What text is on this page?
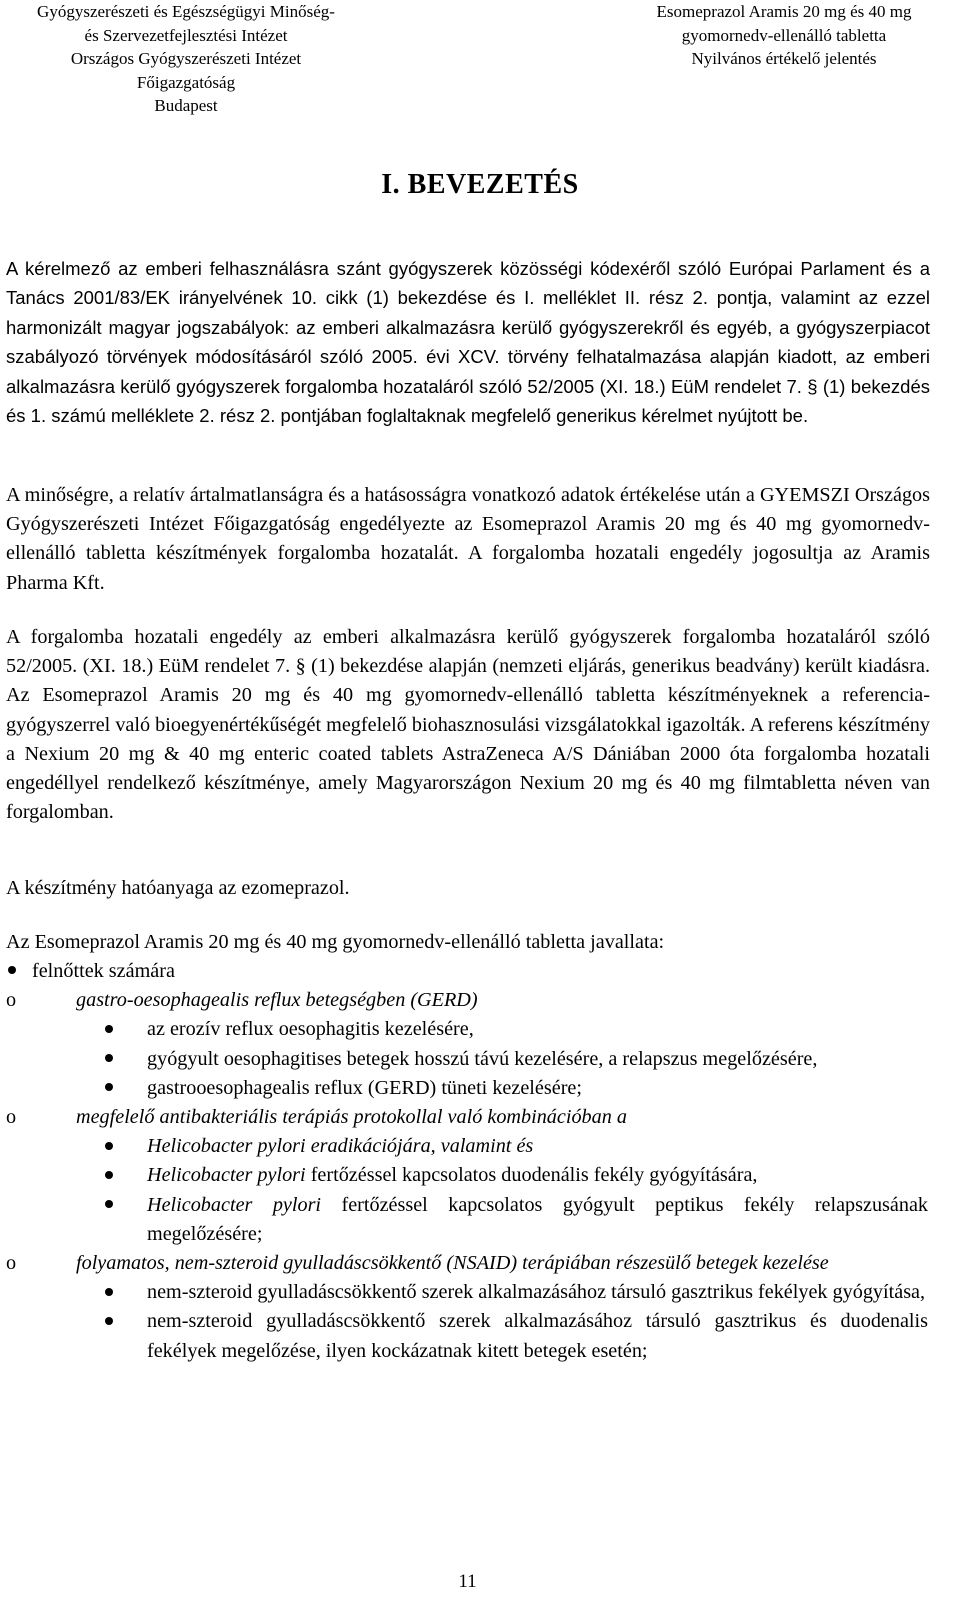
Gyógyszerészeti és Egészségügyi Minőség-
és Szervezetfejlesztési Intézet
Országos Gyógyszerészeti Intézet
Főigazgatóság
Budapest
Esomeprazol Aramis 20 mg és 40 mg
gyomornedv-ellenálló tabletta
Nyilvános értékelő jelentés
I. BEVEZETÉS
A kérelmező az emberi felhasználásra szánt gyógyszerek közösségi kódexéről szóló Európai Parlament és a Tanács 2001/83/EK irányelvének 10. cikk (1) bekezdése és I. melléklet II. rész 2. pontja, valamint az ezzel harmonizált magyar jogszabályok: az emberi alkalmazásra kerülő gyógyszerekről és egyéb, a gyógyszerpiacot szabályozó törvények módosításáról szóló 2005. évi XCV. törvény felhatalmazása alapján kiadott, az emberi alkalmazásra kerülő gyógyszerek forgalomba hozataláról szóló 52/2005 (XI. 18.) EüM rendelet 7. § (1) bekezdés és 1. számú melléklete 2. rész 2. pontjában foglaltaknak megfelelő generikus kérelmet nyújtott be.
A minőségre, a relatív ártalmatlanságra és a hatásosságra vonatkozó adatok értékelése után a GYEMSZI Országos Gyógyszerészeti Intézet Főigazgatóság engedélyezte az Esomeprazol Aramis 20 mg és 40 mg gyomornedv-ellenálló tabletta készítmények forgalomba hozatalát. A forgalomba hozatali engedély jogosultja az Aramis Pharma Kft.
A forgalomba hozatali engedély az emberi alkalmazásra kerülő gyógyszerek forgalomba hozataláról szóló 52/2005. (XI. 18.) EüM rendelet 7. § (1) bekezdése alapján (nemzeti eljárás, generikus beadvány) került kiadásra. Az Esomeprazol Aramis 20 mg és 40 mg gyomornedv-ellenálló tabletta készítményeknek a referencia-gyógyszerrel való bioegyenértékűségét megfelelő biohasznosulási vizsgálatokkal igazolták. A referens készítmény a Nexium 20 mg & 40 mg enteric coated tablets AstraZeneca A/S Dániában 2000 óta forgalomba hozatali engedéllyel rendelkező készítménye, amely Magyarországon Nexium 20 mg és 40 mg filmtabletta néven van forgalomban.
A készítmény hatóanyaga az ezomeprazol.
Az Esomeprazol Aramis 20 mg és 40 mg gyomornedv-ellenálló tabletta javallata:
felnőttek számára
o	gastro-oesophagealis reflux betegségben (GERD)
az erozív reflux oesophagitis kezelésére,
gyógyult oesophagitises betegek hosszú távú kezelésére, a relapszus megelőzésére,
gastrooesophagealis reflux (GERD) tüneti kezelésére;
o	megfelelő antibakteriális terápiás protokollal való kombinációban a
Helicobacter pylori eradikációjára, valamint és
Helicobacter pylori fertőzéssel kapcsolatos duodenális fekély gyógyítására,
Helicobacter pylori fertőzéssel kapcsolatos gyógyult peptikus fekély relapszusának megelőzésére;
o	folyamatos, nem-szteroid gyulladáscsökkentő (NSAID) terápiában részesülő betegek kezelése
nem-szteroid gyulladáscsökkentő szerek alkalmazásához társuló gasztrikus fekélyek gyógyítása,
nem-szteroid gyulladáscsökkentő szerek alkalmazásához társuló gasztrikus és duodenalis fekélyek megelőzése, ilyen kockázatnak kitett betegek esetén;
11
